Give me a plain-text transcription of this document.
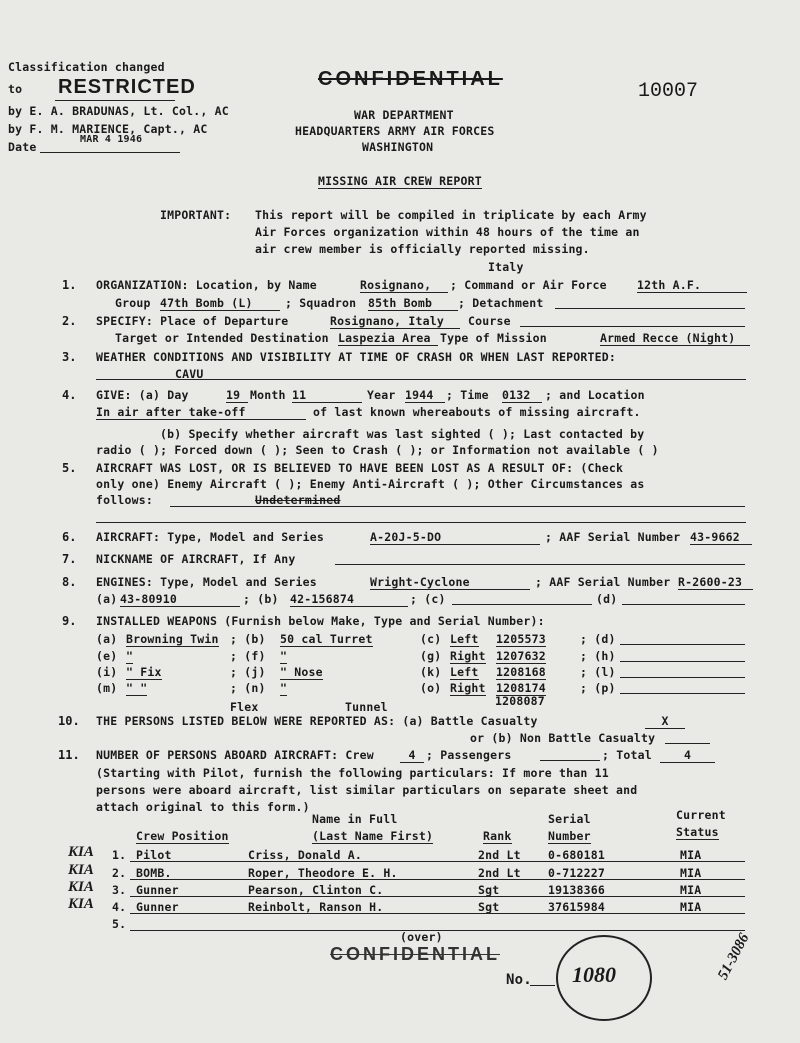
Classification changed
to RESTRICTED
by E. A. BRADUNAS, Lt. Col., AC
by F. M. MARIENCE, Capt., AC
Date
MAR 4 1946
CONFIDENTIAL
10007
WAR DEPARTMENT
HEADQUARTERS ARMY AIR FORCES
WASHINGTON
MISSING AIR CREW REPORT
IMPORTANT: This report will be compiled in triplicate by each Army
Air Forces organization within 48 hours of the time an
air crew member is officially reported missing.
Italy
1. ORGANIZATION: Location, by Name	Rosignano,	; Command or Air Force	12th A.F.
Group 47th Bomb (L)	; Squadron 85th Bomb	; Detachment
2. SPECIFY: Place of Departure	Rosignano, Italy	Course
Target or Intended Destination Laspezia Area Type of Mission	Armed Recce (Night)
3. WEATHER CONDITIONS AND VISIBILITY AT TIME OF CRASH OR WHEN LAST REPORTED:
CAVU
4. GIVE: (a) Day	19 Month 11	Year 1944	; Time 0132	; and Location
In air after take-off	of last known whereabouts of missing aircraft.
(b) Specify whether aircraft was last sighted ( ); Last contacted by
radio ( ); Forced down ( ); Seen to Crash ( ); or Information not available ( )
5. AIRCRAFT WAS LOST, OR IS BELIEVED TO HAVE BEEN LOST AS A RESULT OF: (Check
only one) Enemy Aircraft ( ); Enemy Anti-Aircraft ( ); Other Circumstances as
follows:	Undetermined
6. AIRCRAFT: Type, Model and Series	A-20J-5-DO	; AAF Serial Number 43-9662
7. NICKNAME OF AIRCRAFT, If Any
8. ENGINES: Type, Model and Series	Wright-Cyclone	; AAF Serial Number R-2600-23
(a) 43-80910	; (b) 42-156874	; (c)	(d)
9. INSTALLED WEAPONS (Furnish below Make, Type and Serial Number):
(a) Browning Twin ; (b) 50 cal Turret	(c) Left 1205573	; (d)
(e) "	; (f) "	(g) Right 1207632	; (h)
(i) " Fix	; (j) " Nose	(k) Left 1208168	; (l)
(m) " "	; (n) "	(o) Right 1208174	; (p)
Flex	Tunnel	1208087
10. THE PERSONS LISTED BELOW WERE REPORTED AS: (a) Battle Casualty	X
or (b) Non Battle Casualty
11. NUMBER OF PERSONS ABOARD AIRCRAFT: Crew	4 ; Passengers	; Total	4
(Starting with Pilot, furnish the following particulars: If more than 11
persons were aboard aircraft, list similar particulars on separate sheet and
attach original to this form.)
Name in Full	Serial	Current
Crew Position	(Last Name First)	Rank	Number	Status
KIA 1. Pilot	Criss, Donald A.	2nd Lt 0-680181	MIA
KIA 2. BOMB.	Roper, Theodore E. H.	2nd Lt 0-712227	MIA
KIA 3. Gunner	Pearson, Clinton C.	Sgt	19138366	MIA
KIA 4. Gunner	Reinbolt, Ranson H.	Sgt	37615984	MIA
5.
(over)
CONFIDENTIAL
No. 1080	51-3086
